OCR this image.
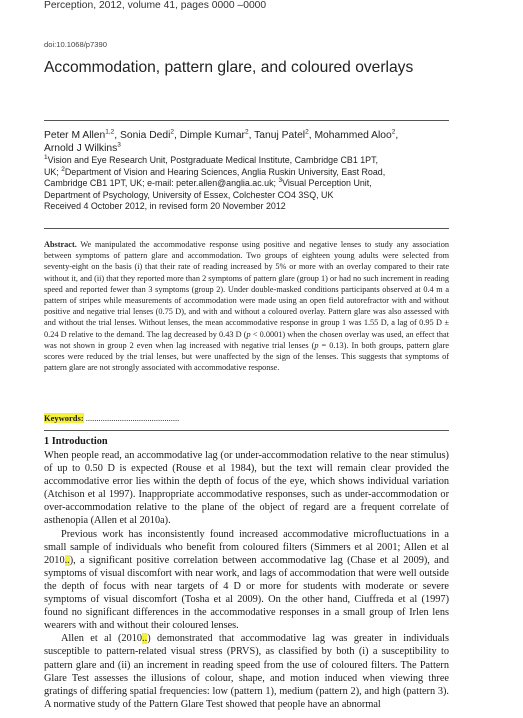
Perception, 2012, volume 41, pages 0000 –0000
doi:10.1068/p7390
Accommodation, pattern glare, and coloured overlays
Peter M Allen$^{1,2}$, Sonia Dedi$^2$, Dimple Kumar$^2$, Tanuj Patel$^2$, Mohammed Aloo$^2$,
Arnold J Wilkins$^3$
$^1$Vision and Eye Research Unit, Postgraduate Medical Institute, Cambridge CB1 1PT,
UK; $^2$Department of Vision and Hearing Sciences, Anglia Ruskin University, East Road,
Cambridge CB1 1PT, UK; e-mail: peter.allen@anglia.ac.uk; $^3$Visual Perception Unit,
Department of Psychology, University of Essex, Colchester CO4 3SQ, UK
Received 4 October 2012, in revised form 20 November 2012
Abstract. We manipulated the accommodative response using positive and negative lenses to study any association between symptoms of pattern glare and accommodation. Two groups of eighteen young adults were selected from seventy-eight on the basis (i) that their rate of reading increased by 5% or more with an overlay compared to their rate without it, and (ii) that they reported more than 2 symptoms of pattern glare (group 1) or had no such increment in reading speed and reported fewer than 3 symptoms (group 2). Under double-masked conditions participants observed at 0.4 m a pattern of stripes while measurements of accommodation were made using an open field autorefractor with and without positive and negative trial lenses (0.75 D), and with and without a coloured overlay. Pattern glare was also assessed with and without the trial lenses. Without lenses, the mean accommodative response in group 1 was 1.55 D, a lag of 0.95 D ± 0.24 D relative to the demand. The lag decreased by 0.43 D (p < 0.0001) when the chosen overlay was used, an effect that was not shown in group 2 even when lag increased with negative trial lenses (p = 0.13). In both groups, pattern glare scores were reduced by the trial lenses, but were unaffected by the sign of the lenses. This suggests that symptoms of pattern glare are not strongly associated with accommodative response.
Keywords: ............................................
1 Introduction

When people read, an accommodative lag (or under-accommodation relative to the near stimulus) of up to 0.50 D is expected (Rouse et al 1984), but the text will remain clear provided the accommodative error lies within the depth of focus of the eye, which shows individual variation (Atchison et al 1997). Inappropriate accommodative responses, such as under-accommodation or over-accommodation relative to the plane of the object of regard are a frequent correlate of asthenopia (Allen et al 2010a).

Previous work has inconsistently found increased accommodative microfluctuations in a small sample of individuals who benefit from coloured filters (Simmers et al 2001; Allen et al 2010..), a significant positive correlation between accommodative lag (Chase et al 2009), and symptoms of visual discomfort with near work, and lags of accommodation that were well outside the depth of focus with near targets of 4 D or more for students with moderate or severe symptoms of visual discomfort (Tosha et al 2009). On the other hand, Ciuffreda et al (1997) found no significant differences in the accommodative responses in a small group of Irlen lens wearers with and without their coloured lenses.

Allen et al (2010..) demonstrated that accommodative lag was greater in individuals susceptible to pattern-related visual stress (PRVS), as classified by both (i) a susceptibility to pattern glare and (ii) an increment in reading speed from the use of coloured filters. The Pattern Glare Test assesses the illusions of colour, shape, and motion induced when viewing three gratings of differing spatial frequencies: low (pattern 1), medium (pattern 2), and high (pattern 3). A normative study of the Pattern Glare Test showed that people have an abnormal
